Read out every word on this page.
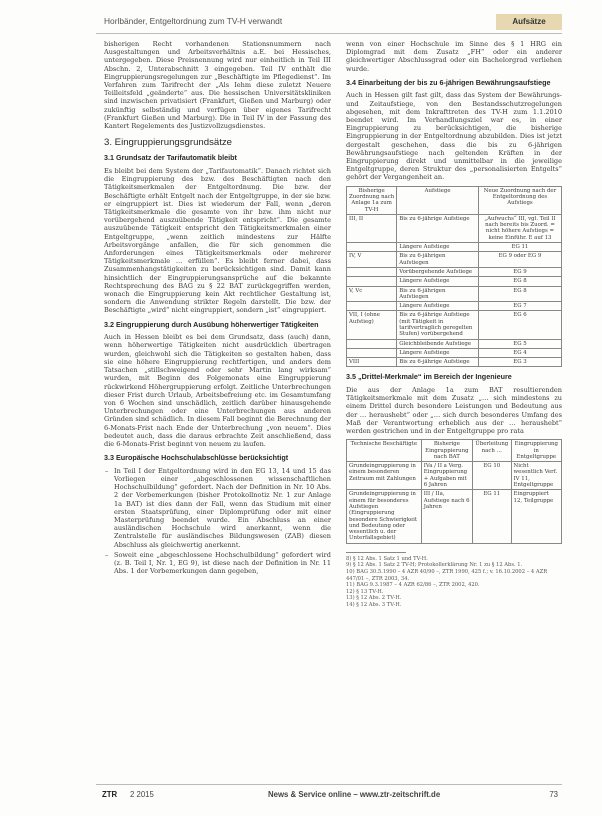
Horlbänder, Entgeltordnung zum TV-H verwandt	Aufsätze

bisherigen Recht vorhandenen Stationsnummern nach Ausgestaltungen und Arbeitsverhältnis a.E. bei Hessisches, untergegeben. Diese Preisnennung wird nur einheitlich in Teil III Abschn. 2, Unterabschnitt 3 eingegeben. Teil IV enthält die Eingruppierungsregelungen zur „Beschäftigte im Pflegedienst“. Im Verfahren zum Tarifrecht der „Als Iehm diese zuletzt Neuere Teilleitsfeld „geänderte“ aus. Die hessischen Universitätskliniken sind inzwischen privatisiert (Frankfurt, Gießen und Marburg) oder zukünftig selbständig und verfügen über eigenes Tarifrecht (Frankfurt Gießen und Marburg). Die in Teil IV in der Fassung des Kantert Regelements des Justizvollzugsdienstes.

3. Eingruppierungsgrundsätze
3.1 Grundsatz der Tarifautomatik bleibt

Es bleibt bei dem System der „Tarifautomatik“. Danach richtet sich die Eingruppierung des bzw. des Beschäftigten nach den Tätigkeitsmerkmalen der Entgeltordnung. Die bzw. der Beschäftigte erhält Entgelt nach der Entgeltgruppe, in der sie bzw. er eingruppiert ist. Dies ist wiederum der Fall, wenn „deren Tätigkeitsmerkmale die gesamte von ihr bzw. ihm nicht nur vorübergehend auszuübende Tätigkeit entspricht“. Die gesamte auszuübende Tätigkeit entspricht den Tätigkeitsmerkmalen einer Entgeltgruppe, „wenn zeitlich mindestens zur Hälfte Arbeitsvorgänge anfallen, die für sich genommen die Anforderungen eines Tätigkeitsmerkmals oder mehrerer Tätigkeitsmerkmale … erfüllen“. Es bleibt ferner dabei, dass Zusammenhangstätigkeiten zu berücksichtigen sind. Damit kann hinsichtlich der Eingruppierungsansprüche auf die bekannte Rechtsprechung des BAG zu § 22 BAT zurückgegriffen werden, wonach die Eingruppierung kein Akt rechtlicher Gestaltung ist, sondern die Anwendung strikter Regeln darstellt. Die bzw. der Beschäftigte „wird“ nicht eingruppiert, sondern „ist“ eingruppiert.

3.2 Eingruppierung durch Ausübung höherwertiger Tätigkeiten

Auch in Hessen bleibt es bei dem Grundsatz, dass (auch) dann, wenn höherwertige Tätigkeiten nicht ausdrücklich übertragen wurden, gleichwohl sich die Tätigkeiten so gestalten haben, dass sie eine höhere Eingruppierung rechtfertigen, und anders dem Tatsachen „stillschweigend oder sehr Martin lang wirksam“ wurden, mit Beginn des Folgemonats eine Eingruppierung rückwirkend Höhergruppierung erfolgt. Zeitliche Unterbrechungen dieser Frist durch Urlaub, Arbeitsbefreiung etc. im Gesamtumfang von 6 Wochen sind unschädlich, zeitlich darüber hinausgehende Unterbrechungen oder eine Unterbrechungen aus anderen Gründen sind schädlich. In diesem Fall beginnt die Berechnung der 6-Monats-Frist nach Ende der Unterbrechung „von neuem“. Dies bedeutet auch, dass die daraus erbrachte Zeit anschließend, dass die 6-Monats-Frist beginnt von neuem zu laufen.

3.3 Europäische Hochschulabschlüsse berücksichtigt
– In Teil I der Entgeltordnung wird in den EG 13, 14 und 15 das Vorliegen einer „abgeschlossenen wissenschaftlichen Hochschulbildung“ gefordert. Nach der Definition in Nr. 10 Abs. 2 der Vorbemerkungen (bisher Protokollnotiz Nr. 1 zur Anlage 1a BAT) ist dies dann der Fall, wenn das Studium mit einer ersten Staatsprüfung, einer Diplomprüfung oder mit einer Masterprüfung beendet wurde. Ein Abschluss an einer ausländischen Hochschule wird anerkannt, wenn die Zentralstelle für ausländisches Bildungswesen (ZAB) diesen Abschluss als gleichwertig anerkennt.
– Soweit eine „abgeschlossene Hochschulbildung“ gefordert wird (z. B. Teil I, Nr. 1, EG 9), ist diese nach der Definition in Nr. 11 Abs. 1 der Vorbemerkungen dann gegeben,

wenn von einer Hochschule im Sinne des § 1 HRG ein Diplomgrad mit dem Zusatz „FH“ oder ein anderer gleichwertiger Abschlussgrad oder ein Bachelorgrad verliehen wurde.

3.4 Einarbeitung der bis zu 6-jährigen Bewährungsaufstiege

Auch in Hessen gilt fast gilt, dass das System der Bewährungs- und Zeitaufstiege, von den Bestandsschutzregelungen abgesehen, mit dem Inkrafttreten des TV-H zum 1.1.2010 beendet wird. Im Verhandlungsziel war es, in einer Eingruppierung zu berücksichtigen, die bisherige Eingruppierung in der Entgeltordnung abzubilden. Dies ist jetzt dergestalt geschehen, dass die bis zu 6-jährigen Bewährungsaufstiege nach geltenden Kräften in der Eingruppierung direkt und unmittelbar in die jeweilige Entgeltgruppe, deren Struktur des „personalisierten Entgelts“ gehört der Vergangenheit an.

Bisherige Zuordnung nach Anlage 1a zum TV-H	Aufstiege	Neue Zuordnung nach der Entgeltordnung des Aufstiegs
III, II	Bis zu 6-jährige Aufstiege	„Aufwuchs“ III, vgl. Teil II nach bereits bis Zuord. = nicht höhere Aufstiegs = keine Einführ. E auf 13
	Längere Aufstiege	EG 11
IV, V	Bis zu 6-jährigen Aufstiegen	EG 9 oder EG 9
	Vorübergehende Aufstiege	EG 9
	Längere Aufstiege	EG 8
V, Vc	Bis zu 6-jährigen Aufstiegen	EG 8
	Längere Aufstiege	EG 7
VII, I (ohne Aufstieg)	Bis zu 6-jährige Aufstiege (mit Tätigkeit in tarifvertraglich geregelten Stufen) vorübergehend	EG 6
	Gleichbleibende Aufstiege	EG 5
	Längere Aufstiege	EG 4
VIII	Bis zu 6-jährige Aufstiege	EG 3
3.5 „Drittel-Merkmale“ im Bereich der Ingenieure

Die aus der Anlage 1a zum BAT resultierenden Tätigkeitsmerkmale mit dem Zusatz „… sich mindestens zu einem Drittel durch besondere Leistungen und Bedeutung aus der … heraushebt“ oder „… sich durch besonderes Umfang des Maß der Verantwortung erheblich aus der … heraushebt“ werden gestrichen und in der Entgeltgruppe pro rata

Technische Beschäftigte	Bisherige Eingruppierung nach BAT	Überleitung nach …	Eingruppierung in Entgeltgruppe
Grundeingruppierung in einem besonderen Zeitraum mit Zahlungen	IVa / II a Verg. Eingruppierung + Aufgaben mit 6 Jahren	EG 10	Nicht wesentlich Verf. IV 11, Entgeltgruppe
Grundeingruppierung in einem für besonderes Aufstiegen (Eingruppierung besondere Schwierigkeit und Bedeutung oder wesentlich u. der Unterfallsgebiet)	III / IIa, Aufstiege nach 6 Jahren	EG 11	Eingruppiert 12, Teilgruppe
8) § 12 Abs. 1 Satz 1 und TV-H.
9) § 12 Abs. 1 Satz 2 TV-H; Protokollerklärung Nr. 1 zu § 12 Abs. 1.
10) BAG 30.5.1990 – 4 AZR 40/90 –, ZTR 1990, 425 f.; v. 16.10.2002 – 4 AZR 447/01 –, ZTR 2003, 34.
11) BAG 9.3.1987 – 4 AZR 62/86 –, ZTR 2002, 420.
12) § 13 TV-H.
13) § 12 Abs. 2 TV-H.
14) § 12 Abs. 3 TV-H.
ZTR 2 2015	News & Service online – www.ztr-zeitschrift.de	73
